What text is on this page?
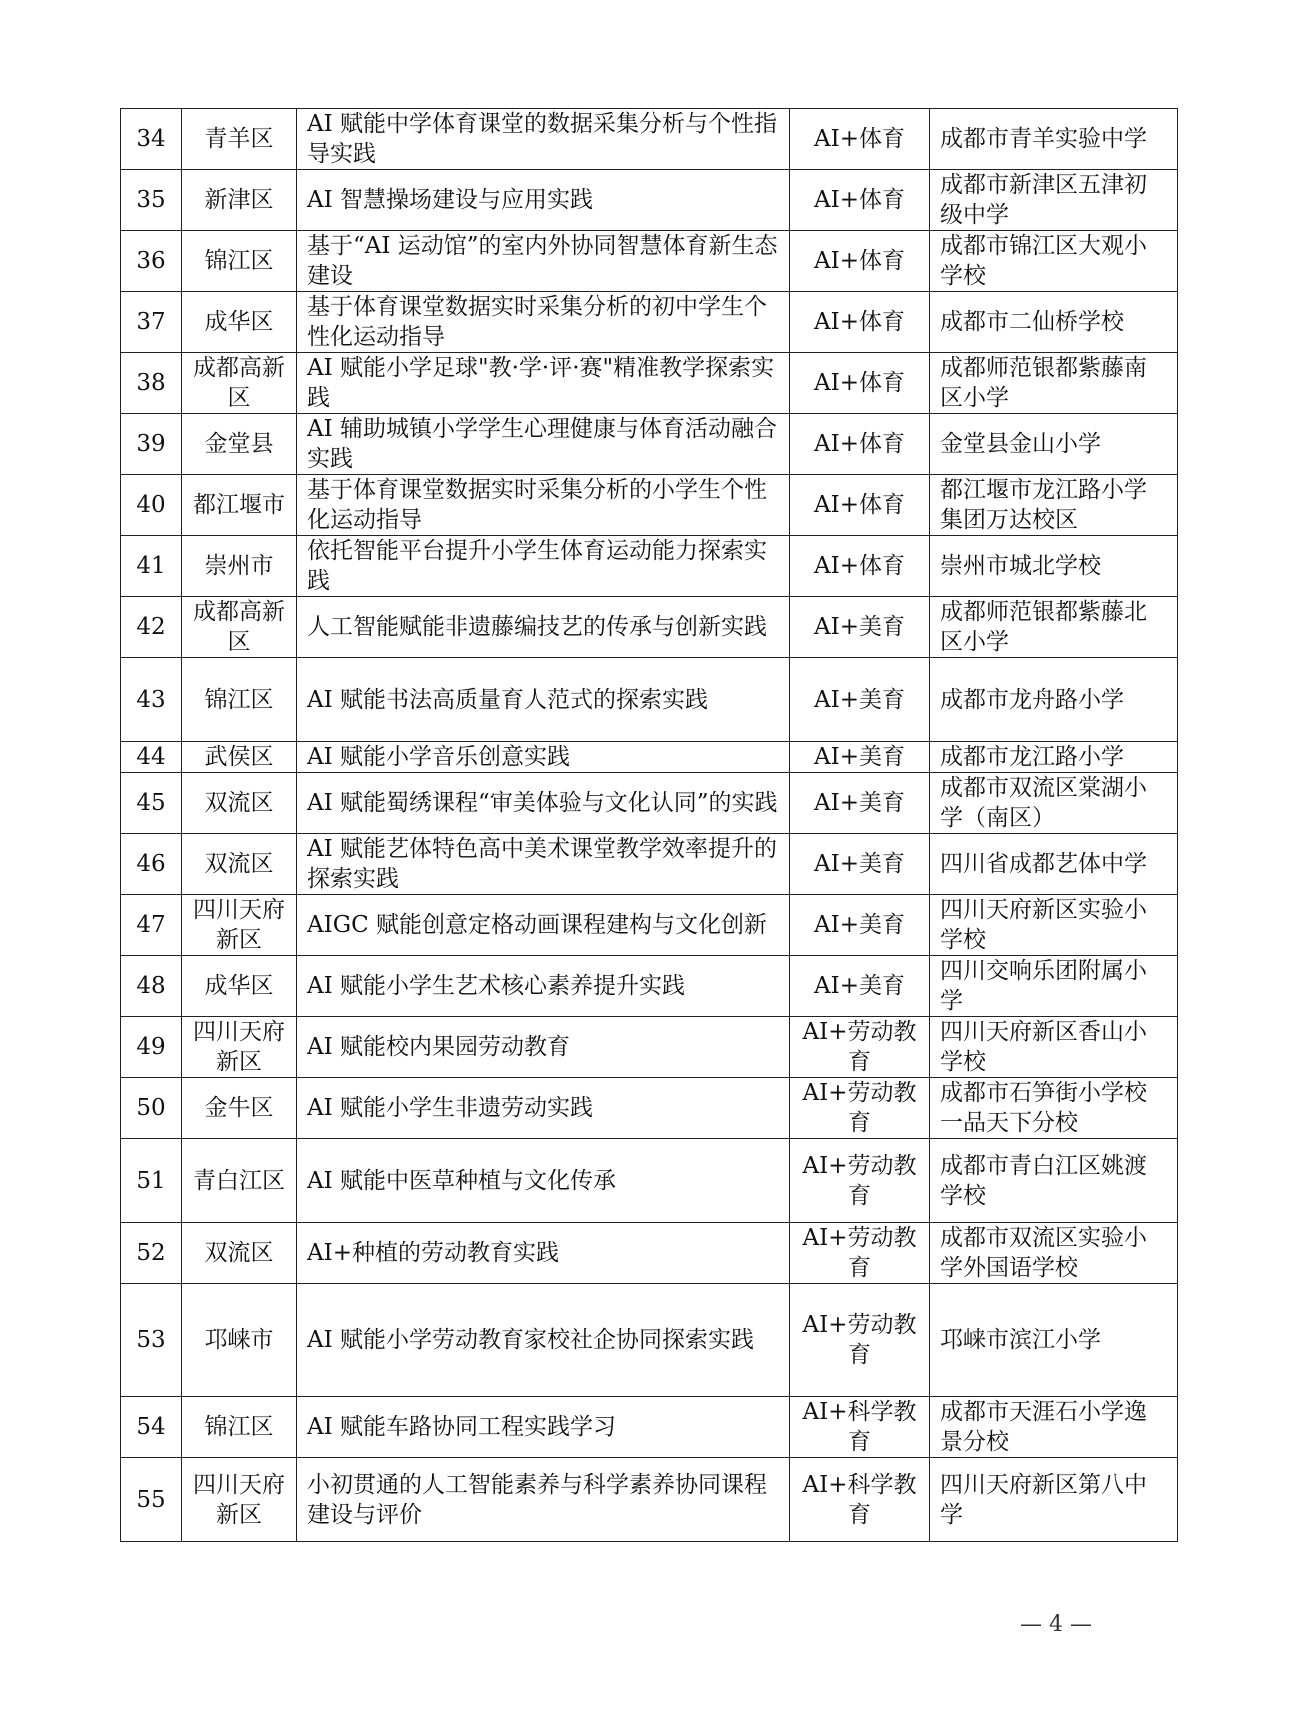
34	青羊区	AI 赋能中学体育课堂的数据采集分析与个性指导实践	AI+体育	成都市青羊实验中学
35	新津区	AI 智慧操场建设与应用实践	AI+体育	成都市新津区五津初级中学
36	锦江区	基于“AI 运动馆”的室内外协同智慧体育新生态建设	AI+体育	成都市锦江区大观小学校
37	成华区	基于体育课堂数据实时采集分析的初中学生个性化运动指导	AI+体育	成都市二仙桥学校
38	成都高新区	AI 赋能小学足球"教·学·评·赛"精准教学探索实践	AI+体育	成都师范银都紫藤南区小学
39	金堂县	AI 辅助城镇小学学生心理健康与体育活动融合实践	AI+体育	金堂县金山小学
40	都江堰市	基于体育课堂数据实时采集分析的小学生个性化运动指导	AI+体育	都江堰市龙江路小学集团万达校区
41	崇州市	依托智能平台提升小学生体育运动能力探索实践	AI+体育	崇州市城北学校
42	成都高新区	人工智能赋能非遗藤编技艺的传承与创新实践	AI+美育	成都师范银都紫藤北区小学
43	锦江区	AI 赋能书法高质量育人范式的探索实践	AI+美育	成都市龙舟路小学
44	武侯区	AI 赋能小学音乐创意实践	AI+美育	成都市龙江路小学
45	双流区	AI 赋能蜀绣课程“审美体验与文化认同”的实践	AI+美育	成都市双流区棠湖小学（南区）
46	双流区	AI 赋能艺体特色高中美术课堂教学效率提升的探索实践	AI+美育	四川省成都艺体中学
47	四川天府新区	AIGC 赋能创意定格动画课程建构与文化创新	AI+美育	四川天府新区实验小学校
48	成华区	AI 赋能小学生艺术核心素养提升实践	AI+美育	四川交响乐团附属小学
49	四川天府新区	AI 赋能校内果园劳动教育	AI+劳动教育	四川天府新区香山小学校
50	金牛区	AI 赋能小学生非遗劳动实践	AI+劳动教育	成都市石笋街小学校一品天下分校
51	青白江区	AI 赋能中医草种植与文化传承	AI+劳动教育	成都市青白江区姚渡学校
52	双流区	AI+种植的劳动教育实践	AI+劳动教育	成都市双流区实验小学外国语学校
53	邛崃市	AI 赋能小学劳动教育家校社企协同探索实践	AI+劳动教育	邛崃市滨江小学
54	锦江区	AI 赋能车路协同工程实践学习	AI+科学教育	成都市天涯石小学逸景分校
55	四川天府新区	小初贯通的人工智能素养与科学素养协同课程建设与评价	AI+科学教育	四川天府新区第八中学
— 4 —
